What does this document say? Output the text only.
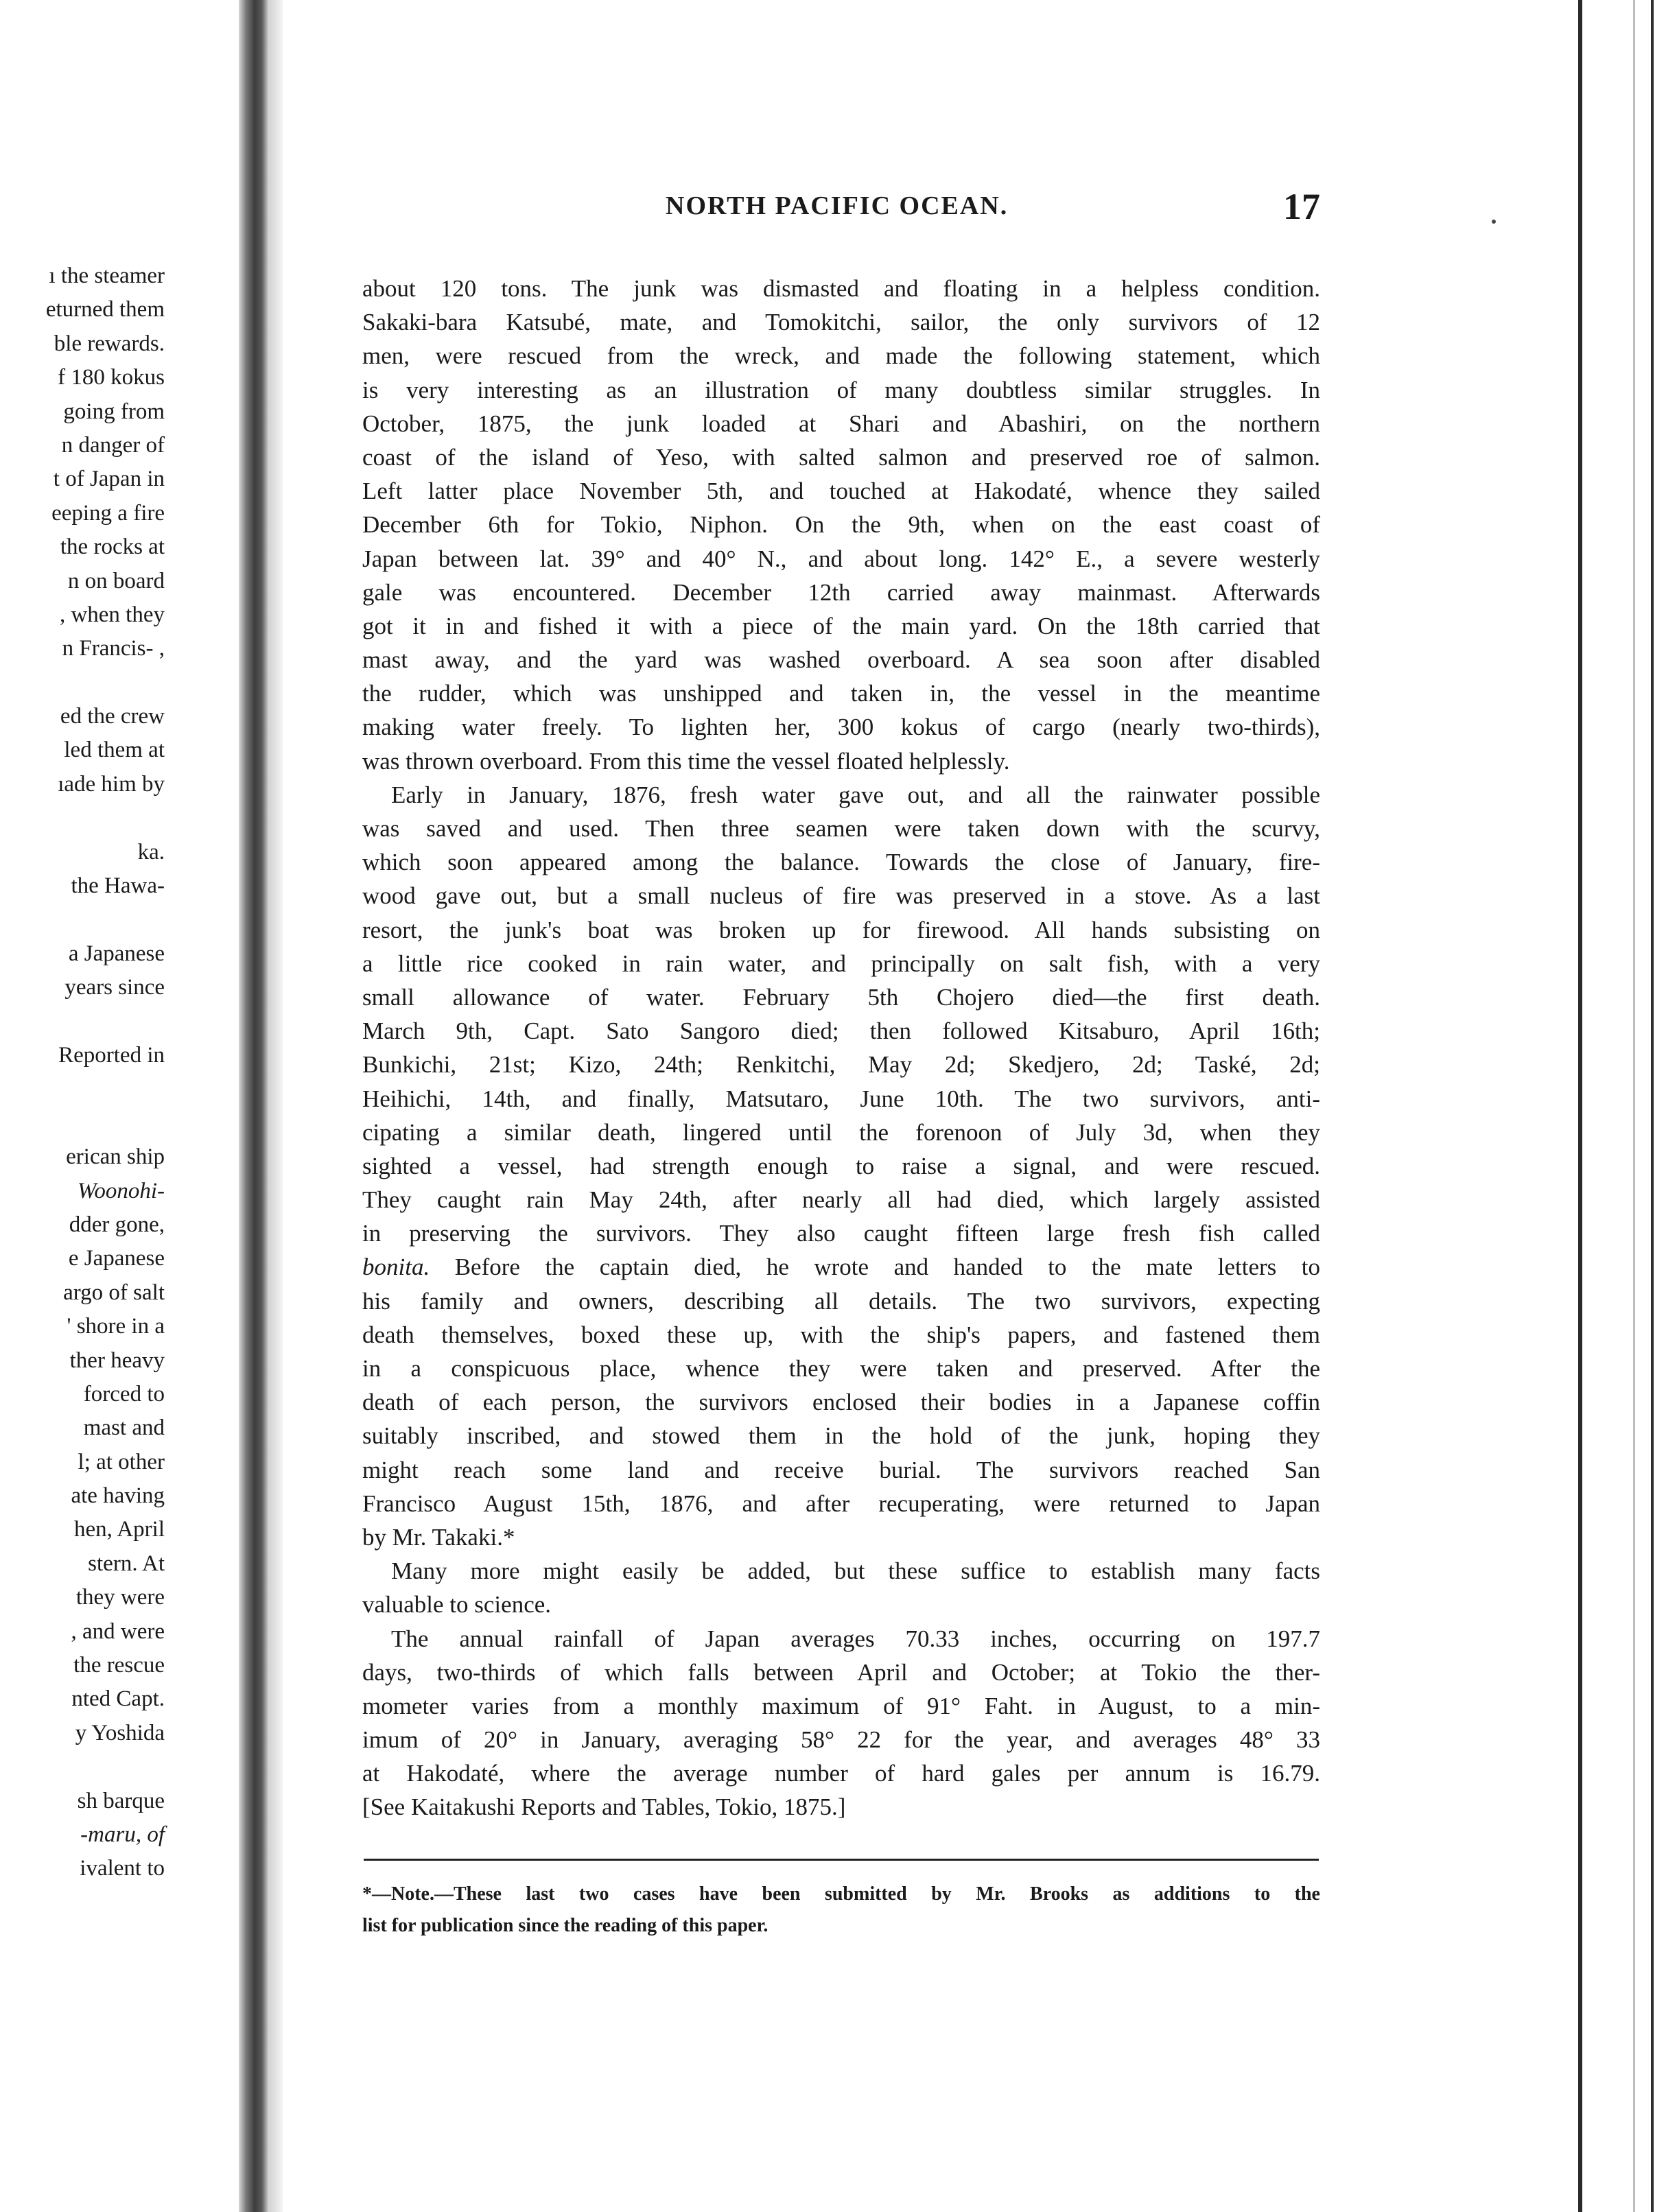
ı the steamer
eturned them
ble rewards.
f 180 kokus
going from
n danger of
t of Japan in
eeping a fire
the rocks at
n on board
, when they
n Francis- ,
ed the crew
led them at
ıade him by
ka.
the Hawa-
a Japanese
years since
Reported in
erican ship
Woonohi-
dder gone,
e Japanese
argo of salt
' shore in a
ther heavy
forced to
mast and
l; at other
ate having
hen, April
stern. At
they were
, and were
the rescue
nted Capt.
y Yoshida
sh barque
-maru, of
ivalent to
NORTH PACIFIC OCEAN.	17
about 120 tons. The junk was dismasted and floating in a helpless condition.
Sakaki-bara Katsubé, mate, and Tomokitchi, sailor, the only survivors of 12
men, were rescued from the wreck, and made the following statement, which
is very interesting as an illustration of many doubtless similar struggles. In
October, 1875, the junk loaded at Shari and Abashiri, on the northern
coast of the island of Yeso, with salted salmon and preserved roe of salmon.
Left latter place November 5th, and touched at Hakodaté, whence they sailed
December 6th for Tokio, Niphon. On the 9th, when on the east coast of
Japan between lat. 39° and 40° N., and about long. 142° E., a severe westerly
gale was encountered. December 12th carried away mainmast. Afterwards
got it in and fished it with a piece of the main yard. On the 18th carried that
mast away, and the yard was washed overboard. A sea soon after disabled
the rudder, which was unshipped and taken in, the vessel in the meantime
making water freely. To lighten her, 300 kokus of cargo (nearly two-thirds),
was thrown overboard. From this time the vessel floated helplessly.
Early in January, 1876, fresh water gave out, and all the rainwater possible
was saved and used. Then three seamen were taken down with the scurvy,
which soon appeared among the balance. Towards the close of January, fire-
wood gave out, but a small nucleus of fire was preserved in a stove. As a last
resort, the junk's boat was broken up for firewood. All hands subsisting on
a little rice cooked in rain water, and principally on salt fish, with a very
small allowance of water. February 5th Chojero died—the first death.
March 9th, Capt. Sato Sangoro died; then followed Kitsaburo, April 16th;
Bunkichi, 21st; Kizo, 24th; Renkitchi, May 2d; Skedjero, 2d; Taské, 2d;
Heihichi, 14th, and finally, Matsutaro, June 10th. The two survivors, anti-
cipating a similar death, lingered until the forenoon of July 3d, when they
sighted a vessel, had strength enough to raise a signal, and were rescued.
They caught rain May 24th, after nearly all had died, which largely assisted
in preserving the survivors. They also caught fifteen large fresh fish called
bonita. Before the captain died, he wrote and handed to the mate letters to
his family and owners, describing all details. The two survivors, expecting
death themselves, boxed these up, with the ship's papers, and fastened them
in a conspicuous place, whence they were taken and preserved. After the
death of each person, the survivors enclosed their bodies in a Japanese coffin
suitably inscribed, and stowed them in the hold of the junk, hoping they
might reach some land and receive burial. The survivors reached San
Francisco August 15th, 1876, and after recuperating, were returned to Japan
by Mr. Takaki.*
Many more might easily be added, but these suffice to establish many facts
valuable to science.
The annual rainfall of Japan averages 70.33 inches, occurring on 197.7
days, two-thirds of which falls between April and October; at Tokio the ther-
mometer varies from a monthly maximum of 91° Faht. in August, to a min-
imum of 20° in January, averaging 58° 22 for the year, and averages 48° 33
at Hakodaté, where the average number of hard gales per annum is 16.79.
[See Kaitakushi Reports and Tables, Tokio, 1875.]
*—Note.—These last two cases have been submitted by Mr. Brooks as additions to the
list for publication since the reading of this paper.
